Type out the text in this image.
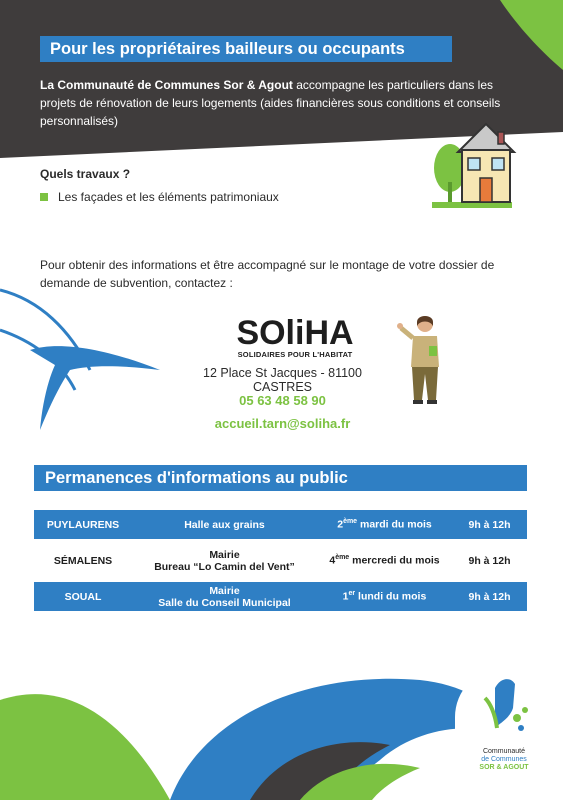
Pour les propriétaires bailleurs ou occupants
La Communauté de Communes Sor & Agout accompagne les particuliers dans les projets de rénovation de leurs logements (aides financières sous conditions et conseils personnalisés)
Quels travaux ?
Les façades et les éléments patrimoniaux
Pour obtenir des informations et être accompagné sur le montage de votre dossier de demande de subvention, contactez :
SOliHA
SOLIDAIRES POUR L'HABITAT
12 Place St Jacques - 81100 CASTRES
05 63 48 58 90
accueil.tarn@soliha.fr
Permanences d'informations au public
PUYLAURENS	Halle aux grains	2ème mardi du mois	9h à 12h
SÉMALENS	Mairie
Bureau “Lo Camin del Vent”	4ème mercredi du mois	9h à 12h
SOUAL	Mairie
Salle du Conseil Municipal	1er lundi du mois	9h à 12h
Communauté
de Communes
SOR & AGOUT
